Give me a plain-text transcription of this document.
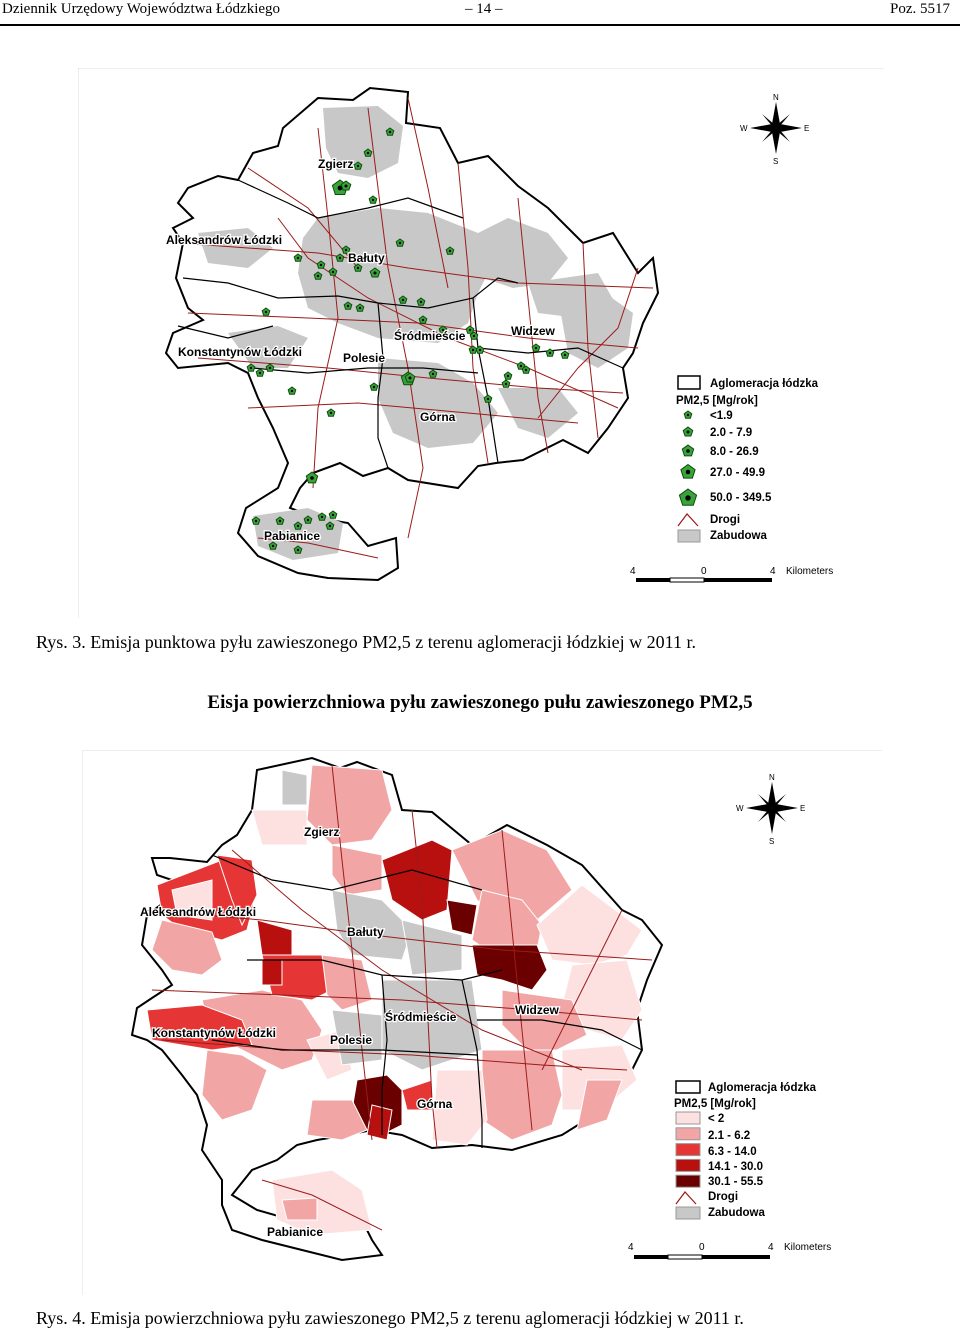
Dziennik Urzędowy Województwa Łódzkiego	– 14 –	Poz. 5517
Zgierz
Aleksandrów Łódzki
Bałuty
Śródmieście	Widzew
Konstantynów Łódzki	Polesie
Górna
Pabianice
N
S
E
W
Aglomeracja łódzka
PM2,5 [Mg/rok]
<1.9
2.0 - 7.9
8.0 - 26.9
27.0 - 49.9
50.0 - 349.5
Drogi
Zabudowa
4	0	4 Kilometers
Rys. 3. Emisja punktowa pyłu zawieszonego PM2,5 z terenu aglomeracji łódzkiej w 2011 r.
Eisja powierzchniowa pyłu zawieszonego pułu zawieszonego PM2,5
Zgierz
Aleksandrów Łódzki
Bałuty
Śródmieście	Widzew
Konstantynów Łódzki	Polesie
Górna
Pabianice
N
S
E
W
Aglomeracja łódzka
PM2,5 [Mg/rok]
< 2
2.1 - 6.2
6.3 - 14.0
14.1 - 30.0
30.1 - 55.5
Drogi
Zabudowa
4	0	4 Kilometers
Rys. 4. Emisja powierzchniowa pyłu zawieszonego PM2,5 z terenu aglomeracji łódzkiej w 2011 r.
